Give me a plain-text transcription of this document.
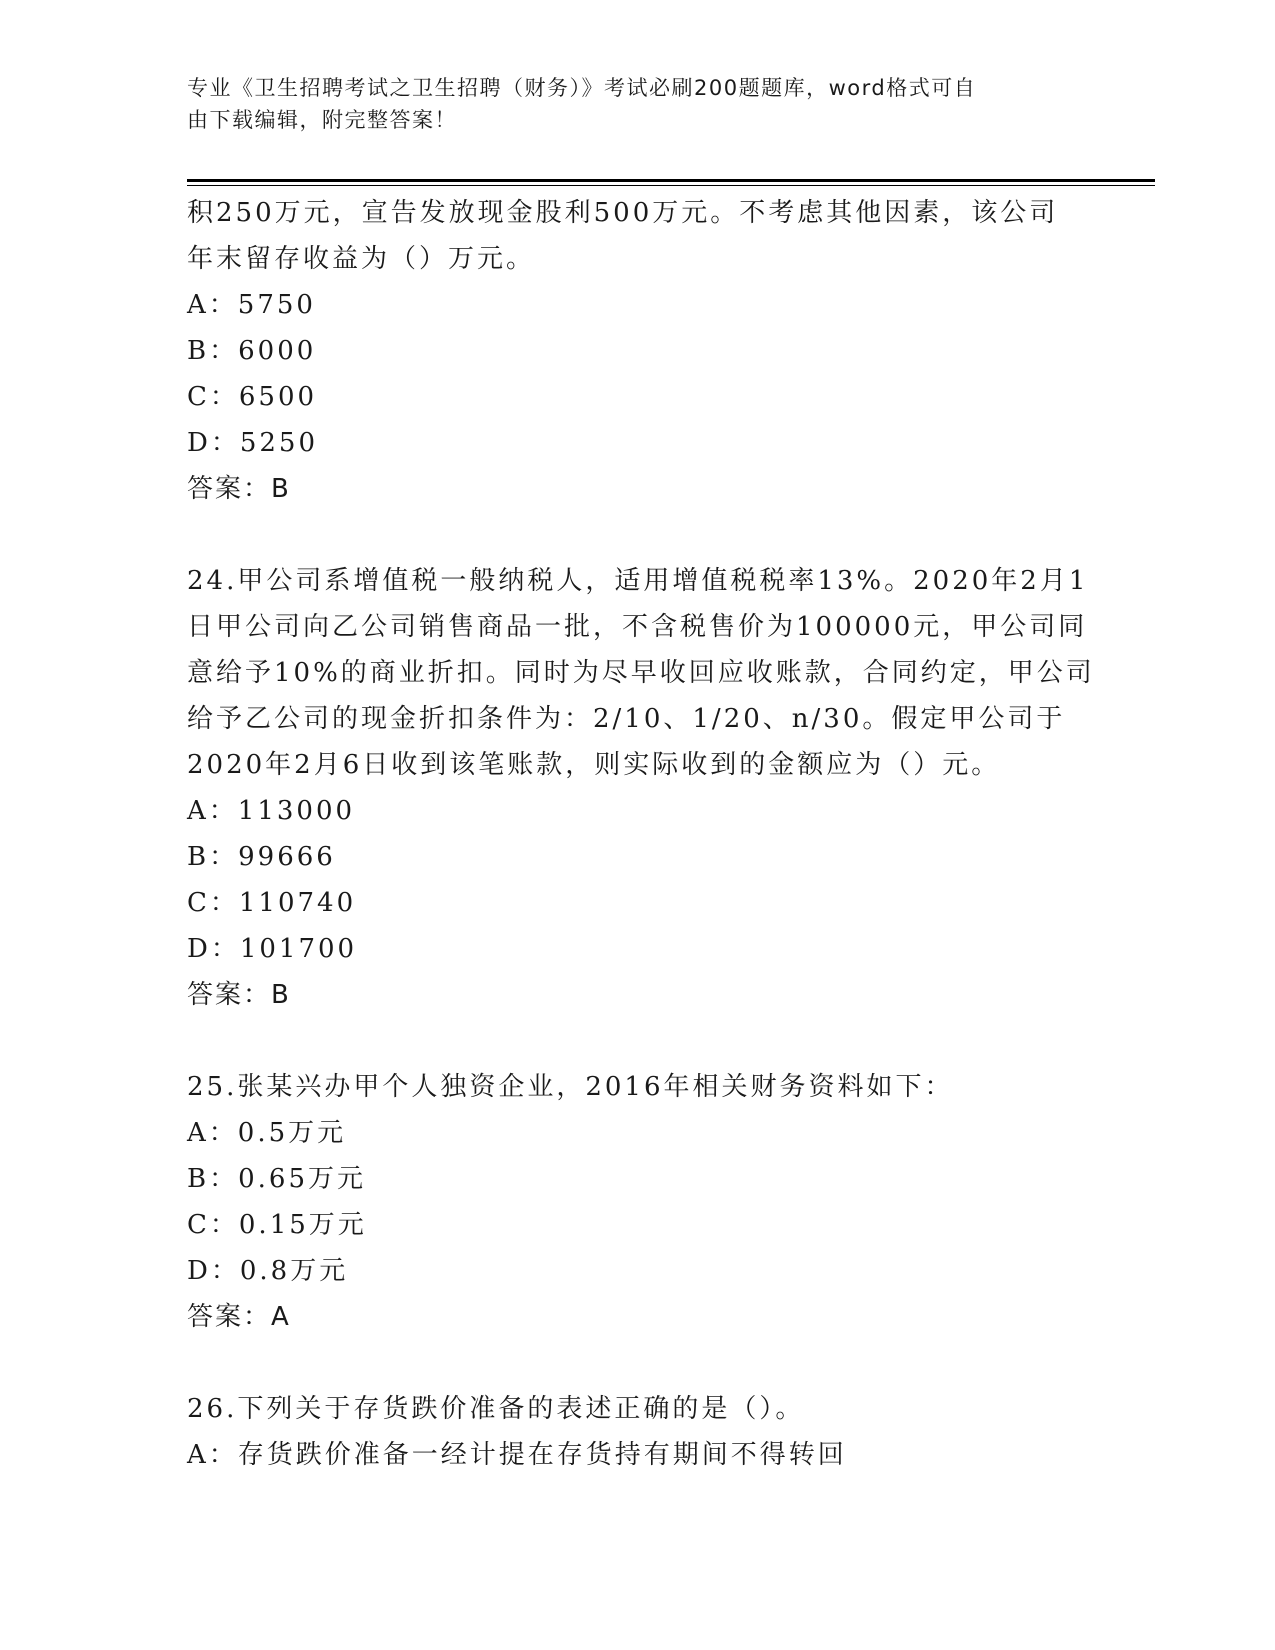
专业《卫生招聘考试之卫生招聘（财务）》考试必刷200题题库，word格式可自
由下载编辑，附完整答案！
积250万元，宣告发放现金股利500万元。不考虑其他因素，该公司
年末留存收益为（）万元。
A：5750
B：6000
C：6500
D：5250
答案：B
24.甲公司系增值税一般纳税人，适用增值税税率13%。2020年2月1
日甲公司向乙公司销售商品一批，不含税售价为100000元，甲公司同
意给予10%的商业折扣。同时为尽早收回应收账款，合同约定，甲公司
给予乙公司的现金折扣条件为：2/10、1/20、n/30。假定甲公司于
2020年2月6日收到该笔账款，则实际收到的金额应为（）元。
A：113000
B：99666
C：110740
D：101700
答案：B
25.张某兴办甲个人独资企业，2016年相关财务资料如下：
A：0.5万元
B：0.65万元
C：0.15万元
D：0.8万元
答案：A
26.下列关于存货跌价准备的表述正确的是（）。
A：存货跌价准备一经计提在存货持有期间不得转回
